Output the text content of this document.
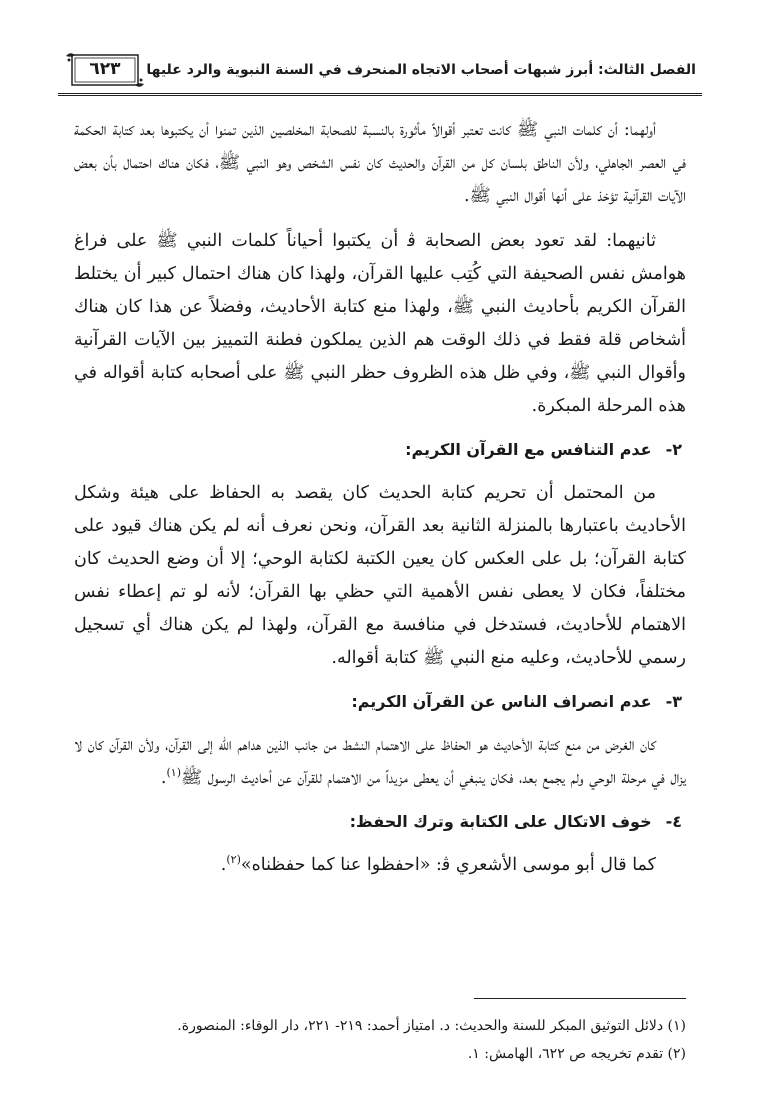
الفصل الثالث: أبرز شبهات أصحاب الاتجاه المنحرف في السنة النبوية والرد عليها
٦٢٣

أولهما: أن كلمات النبي ﷺ كانت تعتبر أقوالاً مأثورة بالنسبة للصحابة المخلصين الذين تمنوا أن يكتبوها بعد كتابة الحكمة في العصر الجاهلي، ولأن الناطق بلسان كل من القرآن والحديث كان نفس الشخص وهو النبي ﷺ، فكان هناك احتمال بأن بعض الآيات القرآنية تؤخذ على أنها أقوال النبي ﷺ.

ثانيهما: لقد تعود بعض الصحابة ﭬ أن يكتبوا أحياناً كلمات النبي ﷺ على فراغ هوامش نفس الصحيفة التي كُتِب عليها القرآن، ولهذا كان هناك احتمال كبير أن يختلط القرآن الكريم بأحاديث النبي ﷺ، ولهذا منع كتابة الأحاديث، وفضلاً عن هذا كان هناك أشخاص قلة فقط في ذلك الوقت هم الذين يملكون فطنة التمييز بين الآيات القرآنية وأقوال النبي ﷺ، وفي ظل هذه الظروف حظر النبي ﷺ على أصحابه كتابة أقواله في هذه المرحلة المبكرة.

٢-عدم التنافس مع القرآن الكريم:

من المحتمل أن تحريم كتابة الحديث كان يقصد به الحفاظ على هيئة وشكل الأحاديث باعتبارها بالمنزلة الثانية بعد القرآن، ونحن نعرف أنه لم يكن هناك قيود على كتابة القرآن؛ بل على العكس كان يعين الكتبة لكتابة الوحي؛ إلا أن وضع الحديث كان مختلفاً، فكان لا يعطى نفس الأهمية التي حظي بها القرآن؛ لأنه لو تم إعطاء نفس الاهتمام للأحاديث، فستدخل في منافسة مع القرآن، ولهذا لم يكن هناك أي تسجيل رسمي للأحاديث، وعليه منع النبي ﷺ كتابة أقواله.

٣-عدم انصراف الناس عن القرآن الكريم:

كان الغرض من منع كتابة الأحاديث هو الحفاظ على الاهتمام النشط من جانب الذين هداهم الله إلى القرآن، ولأن القرآن كان لا يزال في مرحلة الوحي ولم يجمع بعد، فكان ينبغي أن يعطى مزيداً من الاهتمام للقرآن عن أحاديث الرسول ﷺ$^{(١)}$.

٤-خوف الاتكال على الكتابة وترك الحفظ:

كما قال أبو موسى الأشعري ﭬ: «احفظوا عنا كما حفظناه»$^{(٢)}$.

(١) دلائل التوثيق المبكر للسنة والحديث: د. امتياز أحمد: ٢١٩- ٢٢١، دار الوفاء: المنصورة.
(٢) تقدم تخريجه ص ٦٢٢، الهامش: ١.
